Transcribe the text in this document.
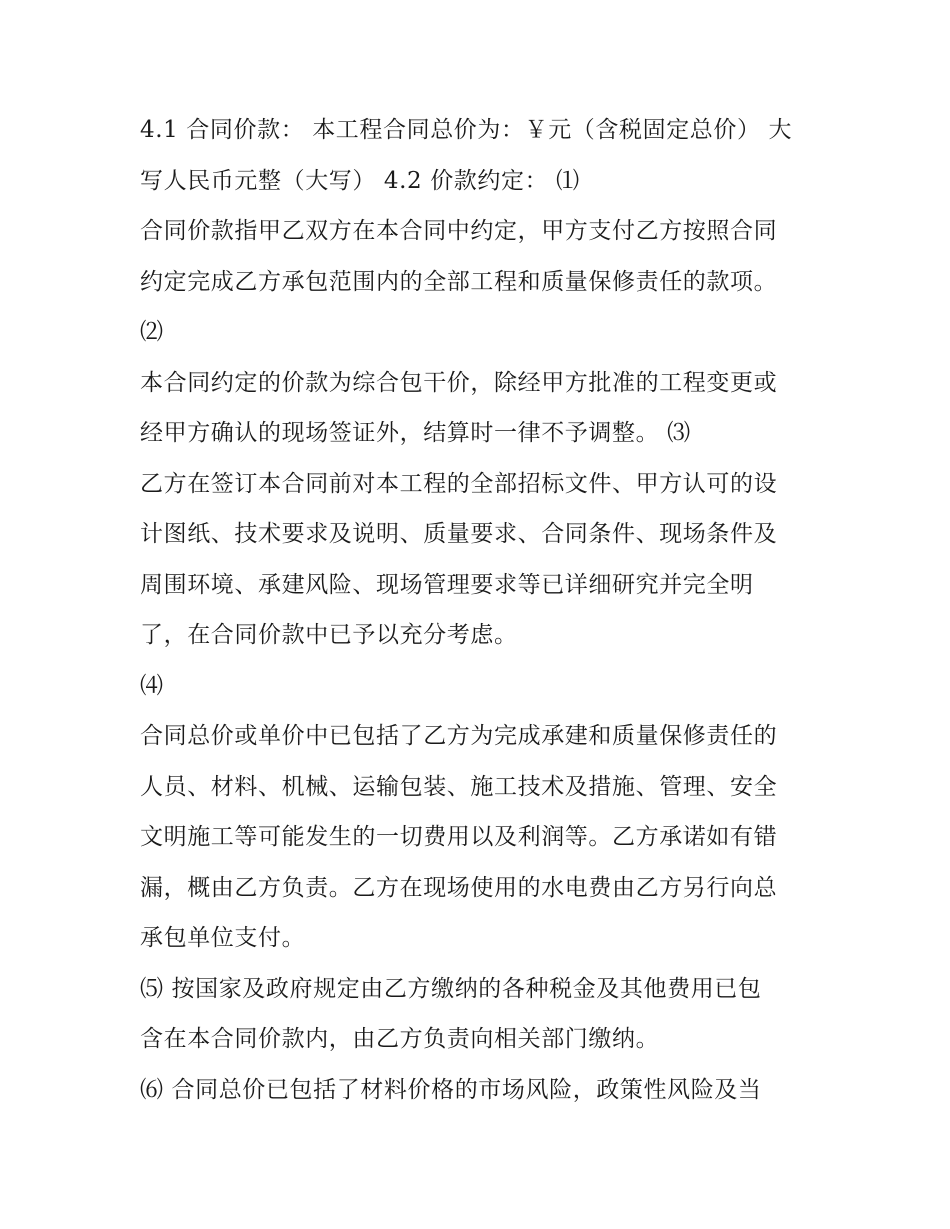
4.1 合同价款： 本工程合同总价为：￥元（含税固定总价） 大
写人民币元整（大写） 4.2 价款约定： ⑴
合同价款指甲乙双方在本合同中约定，甲方支付乙方按照合同
约定完成乙方承包范围内的全部工程和质量保修责任的款项。
⑵
本合同约定的价款为综合包干价，除经甲方批准的工程变更或
经甲方确认的现场签证外，结算时一律不予调整。 ⑶
乙方在签订本合同前对本工程的全部招标文件、甲方认可的设
计图纸、技术要求及说明、质量要求、合同条件、现场条件及
周围环境、承建风险、现场管理要求等已详细研究并完全明
了，在合同价款中已予以充分考虑。
⑷
合同总价或单价中已包括了乙方为完成承建和质量保修责任的
人员、材料、机械、运输包装、施工技术及措施、管理、安全
文明施工等可能发生的一切费用以及利润等。乙方承诺如有错
漏，概由乙方负责。乙方在现场使用的水电费由乙方另行向总
承包单位支付。
⑸ 按国家及政府规定由乙方缴纳的各种税金及其他费用已包
含在本合同价款内，由乙方负责向相关部门缴纳。
⑹ 合同总价已包括了材料价格的市场风险，政策性风险及当
